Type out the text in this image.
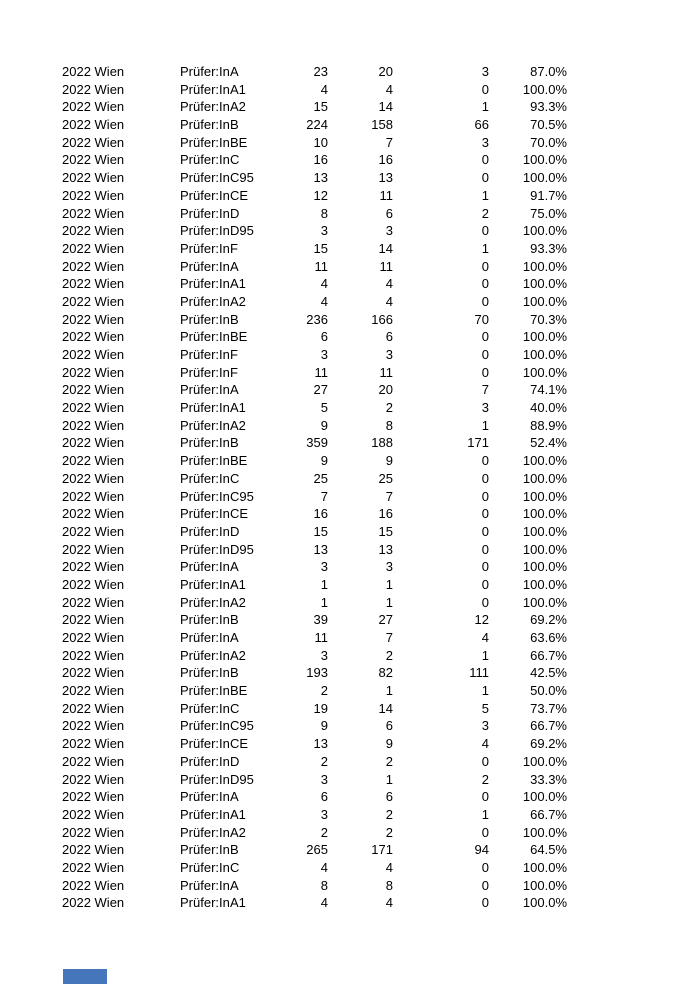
2022 Wien	Prüfer:In A	23	20	3	87.0%
2022 Wien	Prüfer:In A1	4	4	0	100.0%
2022 Wien	Prüfer:In A2	15	14	1	93.3%
2022 Wien	Prüfer:In B	224	158	66	70.5%
2022 Wien	Prüfer:In BE	10	7	3	70.0%
2022 Wien	Prüfer:In C	16	16	0	100.0%
2022 Wien	Prüfer:In C95	13	13	0	100.0%
2022 Wien	Prüfer:In CE	12	11	1	91.7%
2022 Wien	Prüfer:In D	8	6	2	75.0%
2022 Wien	Prüfer:In D95	3	3	0	100.0%
2022 Wien	Prüfer:In F	15	14	1	93.3%
2022 Wien	Prüfer:In A	11	11	0	100.0%
2022 Wien	Prüfer:In A1	4	4	0	100.0%
2022 Wien	Prüfer:In A2	4	4	0	100.0%
2022 Wien	Prüfer:In B	236	166	70	70.3%
2022 Wien	Prüfer:In BE	6	6	0	100.0%
2022 Wien	Prüfer:In F	3	3	0	100.0%
2022 Wien	Prüfer:In F	11	11	0	100.0%
2022 Wien	Prüfer:In A	27	20	7	74.1%
2022 Wien	Prüfer:In A1	5	2	3	40.0%
2022 Wien	Prüfer:In A2	9	8	1	88.9%
2022 Wien	Prüfer:In B	359	188	171	52.4%
2022 Wien	Prüfer:In BE	9	9	0	100.0%
2022 Wien	Prüfer:In C	25	25	0	100.0%
2022 Wien	Prüfer:In C95	7	7	0	100.0%
2022 Wien	Prüfer:In CE	16	16	0	100.0%
2022 Wien	Prüfer:In D	15	15	0	100.0%
2022 Wien	Prüfer:In D95	13	13	0	100.0%
2022 Wien	Prüfer:In A	3	3	0	100.0%
2022 Wien	Prüfer:In A1	1	1	0	100.0%
2022 Wien	Prüfer:In A2	1	1	0	100.0%
2022 Wien	Prüfer:In B	39	27	12	69.2%
2022 Wien	Prüfer:In A	11	7	4	63.6%
2022 Wien	Prüfer:In A2	3	2	1	66.7%
2022 Wien	Prüfer:In B	193	82	111	42.5%
2022 Wien	Prüfer:In BE	2	1	1	50.0%
2022 Wien	Prüfer:In C	19	14	5	73.7%
2022 Wien	Prüfer:In C95	9	6	3	66.7%
2022 Wien	Prüfer:In CE	13	9	4	69.2%
2022 Wien	Prüfer:In D	2	2	0	100.0%
2022 Wien	Prüfer:In D95	3	1	2	33.3%
2022 Wien	Prüfer:In A	6	6	0	100.0%
2022 Wien	Prüfer:In A1	3	2	1	66.7%
2022 Wien	Prüfer:In A2	2	2	0	100.0%
2022 Wien	Prüfer:In B	265	171	94	64.5%
2022 Wien	Prüfer:In C	4	4	0	100.0%
2022 Wien	Prüfer:In A	8	8	0	100.0%
2022 Wien	Prüfer:In A1	4	4	0	100.0%
